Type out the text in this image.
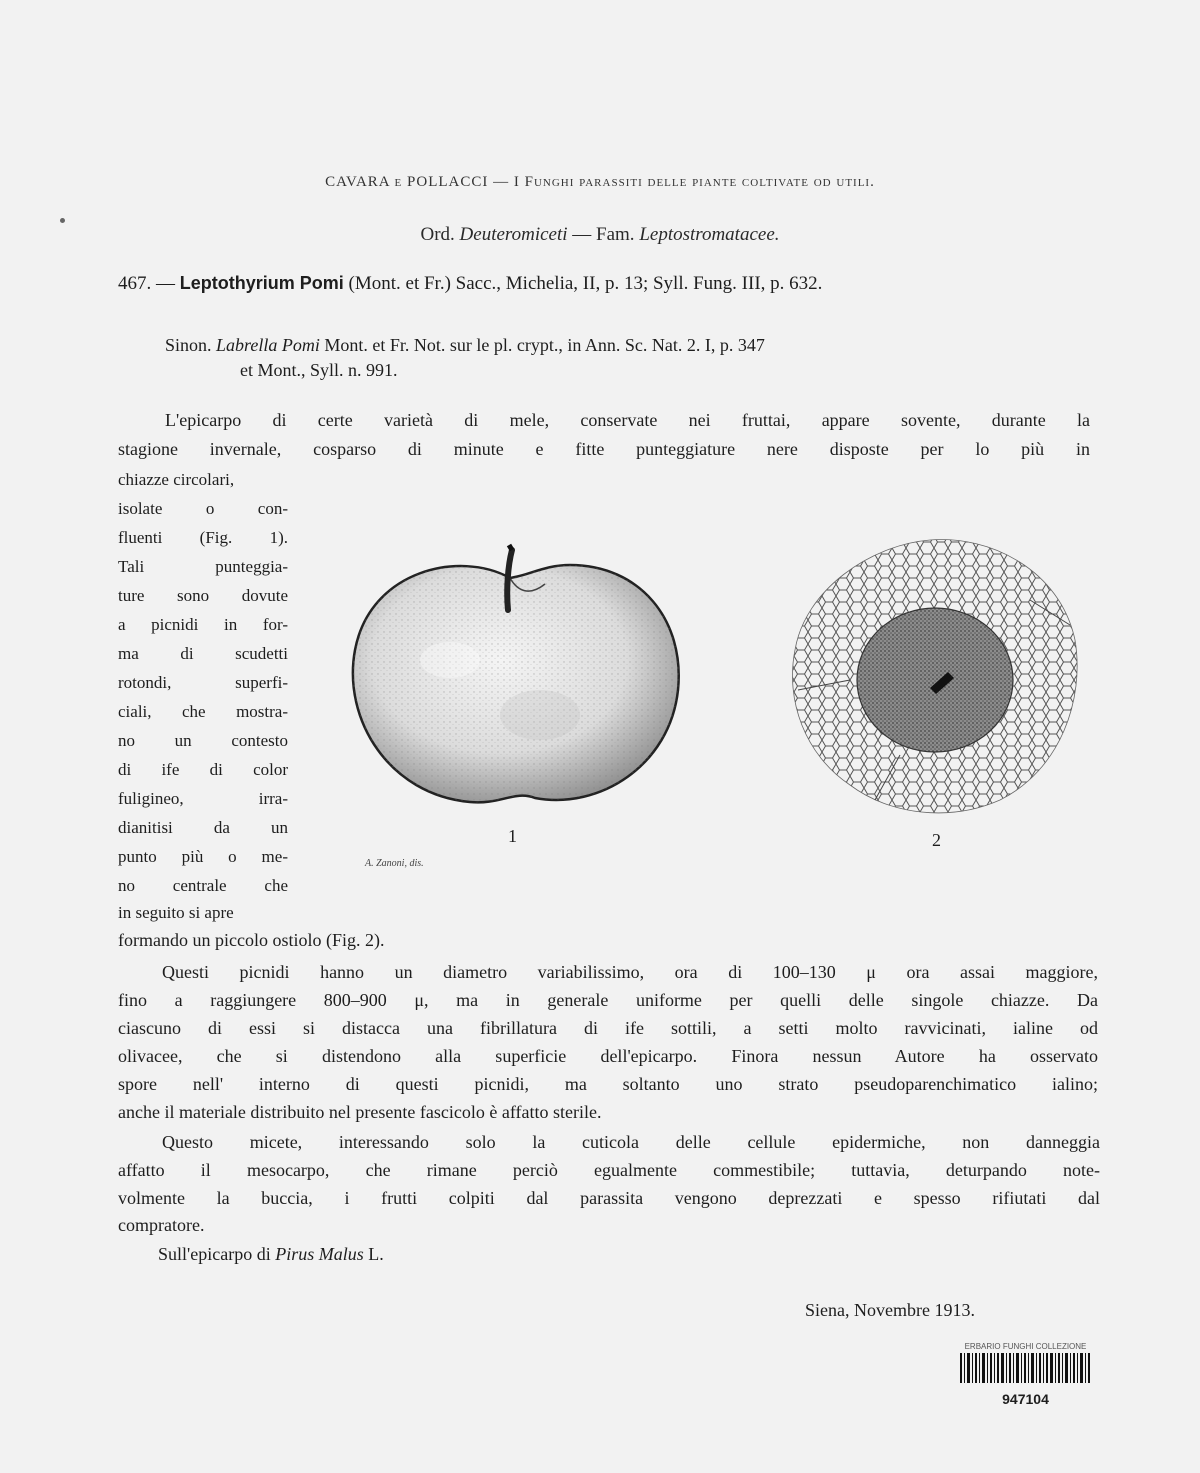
CAVARA e POLLACCI — I Funghi parassiti delle piante coltivate od utili.
Ord. Deuteromiceti — Fam. Leptostromatacee.
467. — Leptothyrium Pomi (Mont. et Fr.) Sacc., Michelia, II, p. 13; Syll. Fung. III, p. 632.
Sinon. Labrella Pomi Mont. et Fr. Not. sur le pl. crypt., in Ann. Sc. Nat. 2. I, p. 347
et Mont., Syll. n. 991.
L'epicarpo di certe varietà di mele, conservate nei fruttai, appare sovente, durante la
stagione invernale, cosparso di minute e fitte punteggiature nere disposte per lo più in
chiazze circolari,
isolate o con-
fluenti (Fig. 1).
Tali punteggia-
ture sono dovute
a picnidi in for-
ma di scudetti
rotondi, superfi-
ciali, che mostra-
no un contesto
di ife di color
fuligineo, irra-
dianitisi da un
punto più o me-
no centrale che
in seguito si apre
formando un piccolo ostiolo (Fig. 2).
1
A. Zanoni, dis.
2
Questi picnidi hanno un diametro variabilissimo, ora di 100–130 μ ora assai maggiore,
fino a raggiungere 800–900 μ, ma in generale uniforme per quelli delle singole chiazze. Da
ciascuno di essi si distacca una fibrillatura di ife sottili, a setti molto ravvicinati, ialine od
olivacee, che si distendono alla superficie dell'epicarpo. Finora nessun Autore ha osservato
spore nell' interno di questi picnidi, ma soltanto uno strato pseudoparenchimatico ialino;
anche il materiale distribuito nel presente fascicolo è affatto sterile.
Questo micete, interessando solo la cuticola delle cellule epidermiche, non danneggia
affatto il mesocarpo, che rimane perciò egualmente commestibile; tuttavia, deturpando note-
volmente la buccia, i frutti colpiti dal parassita vengono deprezzati e spesso rifiutati dal
compratore.
Sull'epicarpo di Pirus Malus L.
Siena, Novembre 1913.
ERBARIO FUNGHI COLLEZIONE
947104
